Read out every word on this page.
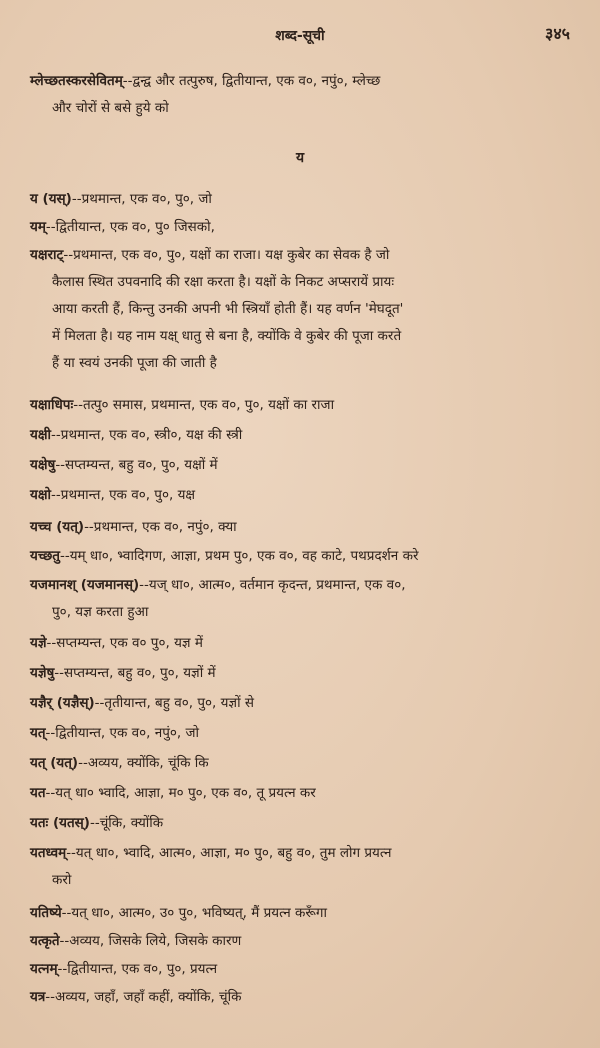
शब्द-सूची	३४५
म्लेच्छतस्करसेवितम्--द्वन्द्व और तत्पुरुष, द्वितीयान्त, एक व०, नपुं०, म्लेच्छ
और चोरों से बसे हुये को
य
य (यस्)--प्रथमान्त, एक व०, पु०, जो
यम्--द्वितीयान्त, एक व०, पु० जिसको,
यक्षराट्--प्रथमान्त, एक व०, पु०, यक्षों का राजा। यक्ष कुबेर का सेवक है जो
कैलास स्थित उपवनादि की रक्षा करता है। यक्षों के निकट अप्सरायें प्रायः
आया करती हैं, किन्तु उनकी अपनी भी स्त्रियाँ होती हैं। यह वर्णन 'मेघदूत'
में मिलता है। यह नाम यक्ष् धातु से बना है, क्योंकि वे कुबेर की पूजा करते
हैं या स्वयं उनकी पूजा की जाती है
यक्षाधिपः--तत्पु० समास, प्रथमान्त, एक व०, पु०, यक्षों का राजा
यक्षी--प्रथमान्त, एक व०, स्त्री०, यक्ष की स्त्री
यक्षेषु--सप्तम्यन्त, बहु व०, पु०, यक्षों में
यक्षो--प्रथमान्त, एक व०, पु०, यक्ष
यच्च (यत्)--प्रथमान्त, एक व०, नपुं०, क्या
यच्छतु--यम् धा०, भ्वादिगण, आज्ञा, प्रथम पु०, एक व०, वह काटे, पथप्रदर्शन करे
यजमानश् (यजमानस्)--यज् धा०, आत्म०, वर्तमान कृदन्त, प्रथमान्त, एक व०,
पु०, यज्ञ करता हुआ
यज्ञे--सप्तम्यन्त, एक व० पु०, यज्ञ में
यज्ञेषु--सप्तम्यन्त, बहु व०, पु०, यज्ञों में
यज्ञैर् (यज्ञैस्)--तृतीयान्त, बहु व०, पु०, यज्ञों से
यत्--द्वितीयान्त, एक व०, नपुं०, जो
यत् (यत्)--अव्यय, क्योंकि, चूंकि कि
यत--यत् धा० भ्वादि, आज्ञा, म० पु०, एक व०, तू प्रयत्न कर
यतः (यतस्)--चूंकि, क्योंकि
यतध्वम्--यत् धा०, भ्वादि, आत्म०, आज्ञा, म० पु०, बहु व०, तुम लोग प्रयत्न
करो
यतिष्ये--यत् धा०, आत्म०, उ० पु०, भविष्यत्, मैं प्रयत्न करूँगा
यत्कृते--अव्यय, जिसके लिये, जिसके कारण
यत्नम्--द्वितीयान्त, एक व०, पु०, प्रयत्न
यत्र--अव्यय, जहाँ, जहाँ कहीं, क्योंकि, चूंकि
